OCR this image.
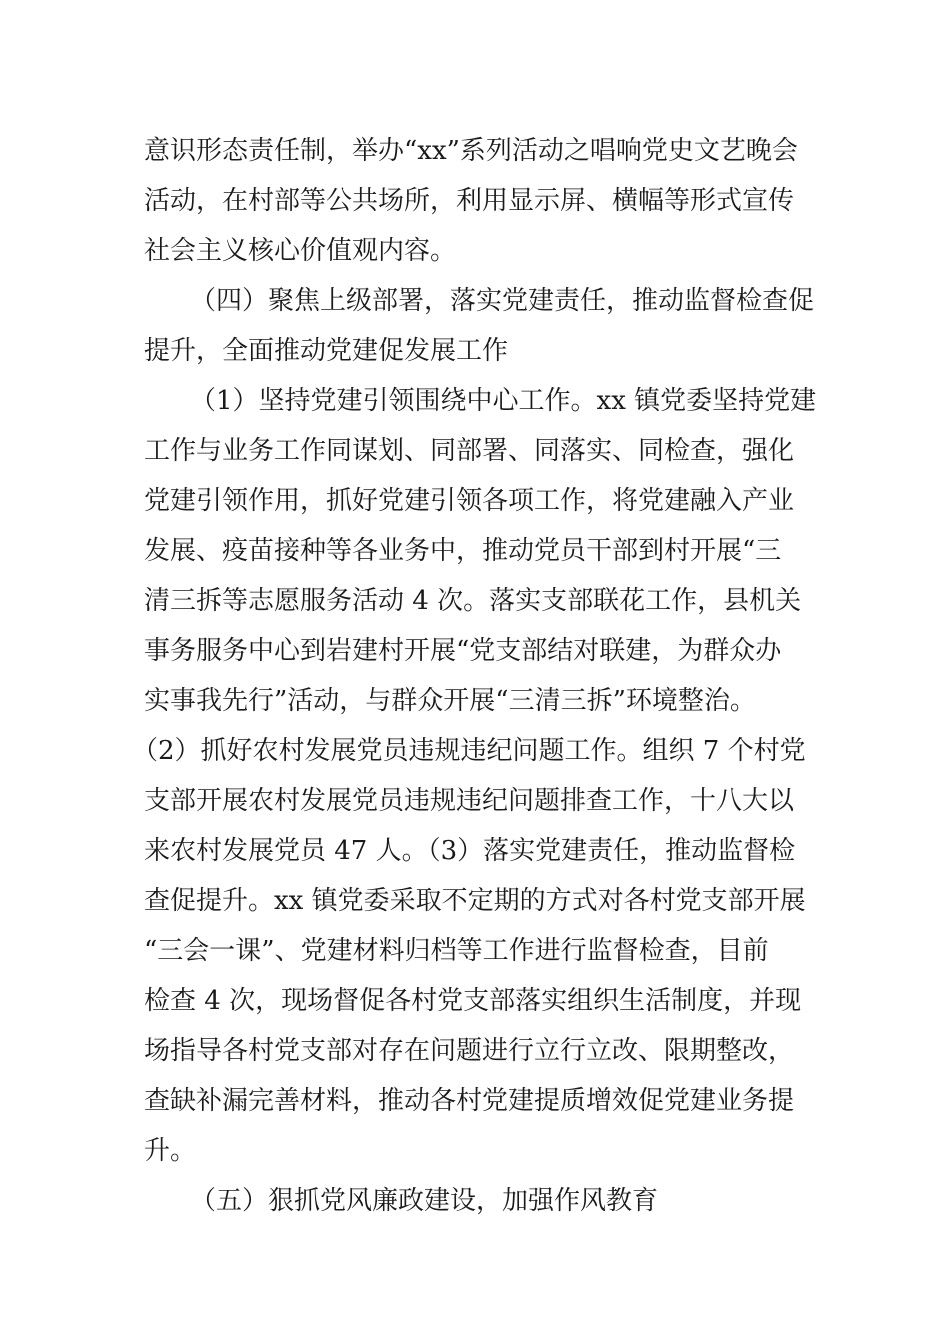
意识形态责任制，举办“xx”系列活动之唱响党史文艺晚会
活动，在村部等公共场所，利用显示屏、横幅等形式宣传
社会主义核心价值观内容。
（四）聚焦上级部署，落实党建责任，推动监督检查促
提升，全面推动党建促发展工作
（1）坚持党建引领围绕中心工作。xx 镇党委坚持党建
工作与业务工作同谋划、同部署、同落实、同检查，强化
党建引领作用，抓好党建引领各项工作，将党建融入产业
发展、疫苗接种等各业务中，推动党员干部到村开展“三
清三拆等志愿服务活动 4 次。落实支部联花工作，县机关
事务服务中心到岩建村开展“党支部结对联建，为群众办
实事我先行”活动，与群众开展“三清三拆”环境整治。
（2）抓好农村发展党员违规违纪问题工作。组织 7 个村党
支部开展农村发展党员违规违纪问题排查工作，十八大以
来农村发展党员 47 人。（3）落实党建责任，推动监督检
查促提升。xx 镇党委采取不定期的方式对各村党支部开展
“三会一课”、党建材料归档等工作进行监督检查，目前
检查 4 次，现场督促各村党支部落实组织生活制度，并现
场指导各村党支部对存在问题进行立行立改、限期整改，
查缺补漏完善材料，推动各村党建提质增效促党建业务提
升。
（五）狠抓党风廉政建设，加强作风教育
